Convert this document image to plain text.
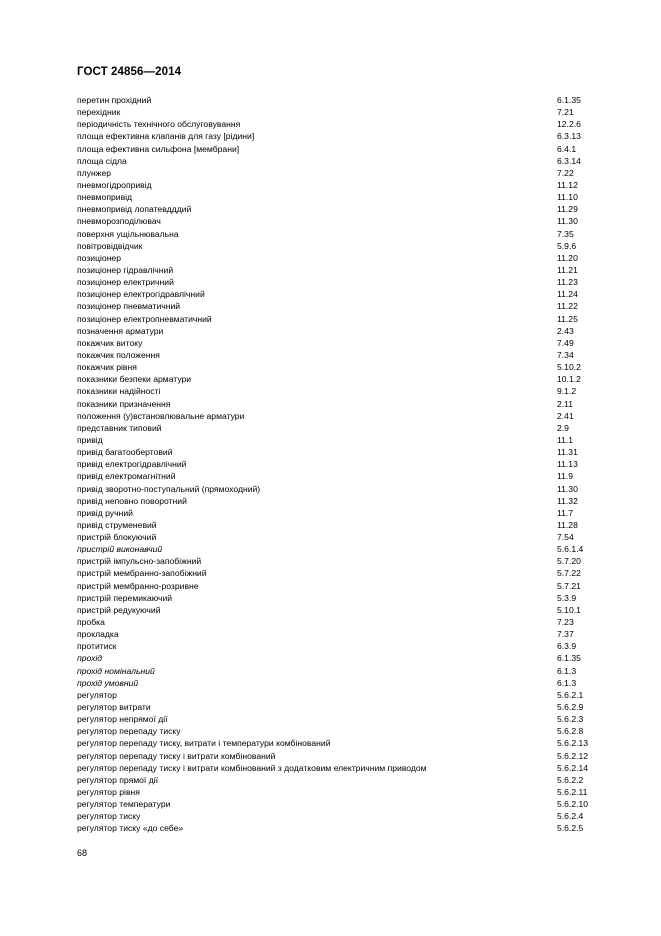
ГОСТ 24856—2014
перетин прохідний	6.1.35
перехідник	7.21
періодичність технічного обслуговування	12.2.6
площа ефективна клапанів для газу [рідини]	6.3.13
площа ефективна сильфона [мембрани]	6.4.1
площа сідла	6.3.14
плунжер	7.22
пневмогідропривід	11.12
пневмопривід	11.10
пневмопривід лопатевдддий	11.29
пневморозподілювач	11.30
поверхня ущільнювальна	7.35
повітровідвідчик	5.9.6
позиціонер	11.20
позиціонер гідравлічний	11.21
позиціонер електричний	11.23
позиціонер електрогідравлічний	11.24
позиціонер пневматичний	11.22
позиціонер електропневматичний	11.25
позначення арматури	2.43
покажчик витоку	7.49
покажчик положення	7.34
покажчик рівня	5.10.2
показники безпеки арматури	10.1.2
показники надійності	9.1.2
показники призначення	2.11
положення (у)встановлювальне арматури	2.41
представник типовий	2.9
привід	11.1
привід багатообертовий	11.31
привід електрогідравлічний	11.13
привід електромагнітний	11.9
привід зворотно-поступальний (прямоходний)	11.30
привід неповно поворотний	11.32
привід ручний	11.7
привід струменевий	11.28
пристрій блокуючий	7.54
пристрій виконавчий	5.6.1.4
пристрій імпульсно-запобіжний	5.7.20
пристрій мембранно-запобіжний	5.7.22
пристрій мембранно-розривне	5.7.21
пристрій перемикаючий	5.3.9
пристрій редукуючий	5.10.1
пробка	7.23
прокладка	7.37
протитиск	6.3.9
прохід	6.1.35
прохід номінальний	6.1.3
прохід умовний	6.1.3
регулятор	5.6.2.1
регулятор витрати	5.6.2.9
регулятор непрямої дії	5.6.2.3
регулятор перепаду тиску	5.6.2.8
регулятор перепаду тиску, витрати і температури комбінований	5.6.2.13
регулятор перепаду тиску і витрати комбінований	5.6.2.12
регулятор перепаду тиску і витрати комбінований з додатковим електричним приводом	5.6.2.14
регулятор прямої дії	5.6.2.2
регулятор рівня	5.6.2.11
регулятор температури	5.6.2.10
регулятор тиску	5.6.2.4
регулятор тиску «до себе»	5.6.2.5
68
